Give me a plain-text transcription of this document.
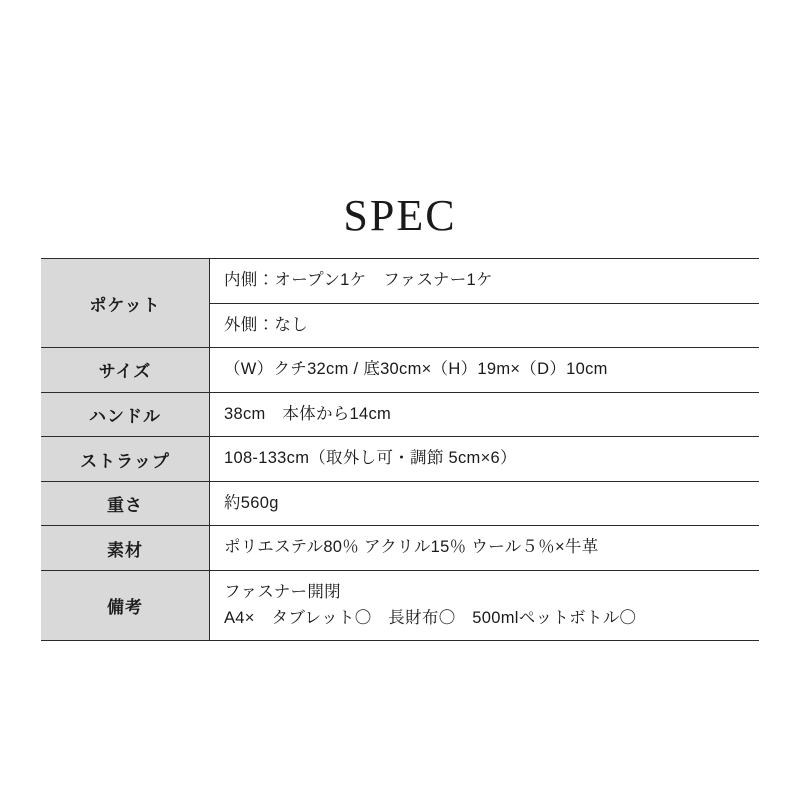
SPEC
ポケット	内側：オープン1ケ　ファスナー1ケ
	外側：なし
サイズ	（W）クチ32cm / 底30cm×（H）19m×（D）10cm
ハンドル	38cm　本体から14cm
ストラップ	108-133cm（取外し可・調節 5cm×6）
重さ	約560g
素材	ポリエステル80％ アクリル15％ ウール５％×牛革
備考	ファスナー開閉
A4×　タブレット〇　長財布〇　500mlペットボトル〇
